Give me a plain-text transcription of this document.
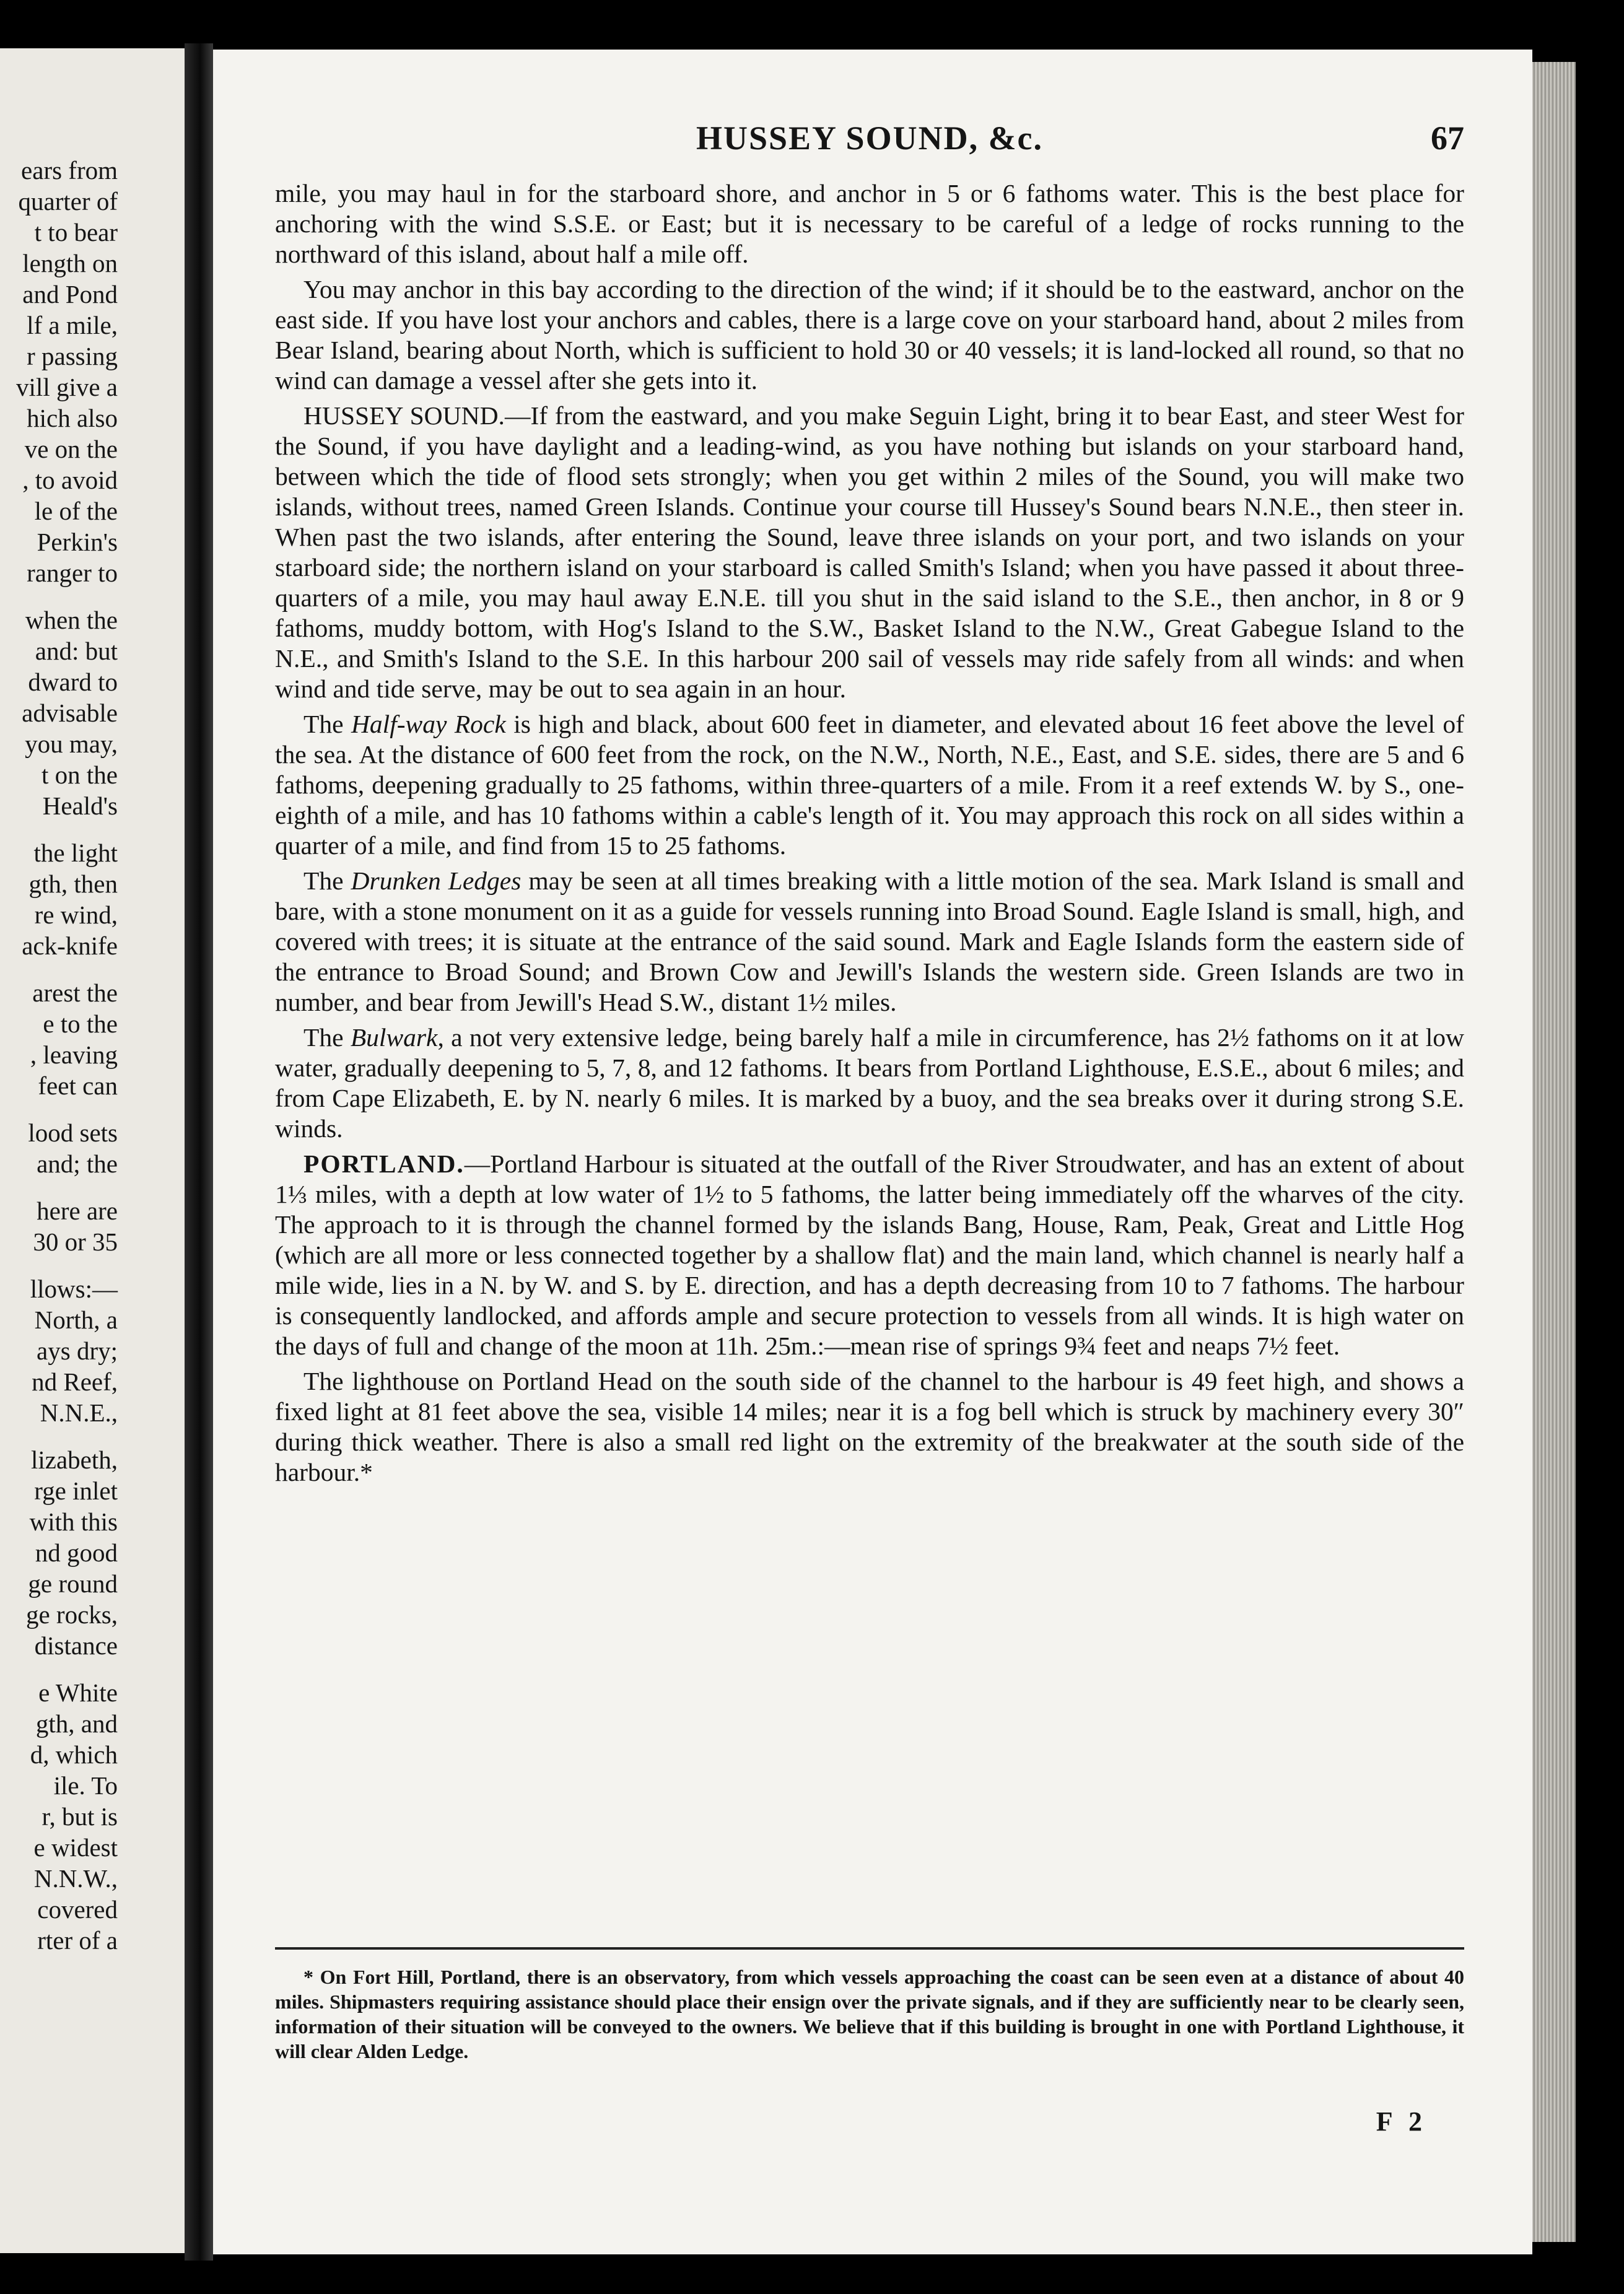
ears from
quarter of
t to bear
length on
and Pond
lf a mile,
r passing
vill give a
hich also
ve on the
, to avoid
le of the
Perkin's
ranger to
when the
and: but
dward to
advisable
you may,
t on the
Heald's
the light
gth, then
re wind,
ack-knife
arest the
e to the
, leaving
feet can
lood sets
and; the
here are
30 or 35
llows:—
North, a
ays dry;
nd Reef,
N.N.E.,
lizabeth,
rge inlet
with this
nd good
ge round
ge rocks,
distance
e White
gth, and
d, which
ile. To
r, but is
e widest
N.N.W.,
covered
rter of a
HUSSEY SOUND, &c.	67

mile, you may haul in for the starboard shore, and anchor in 5 or 6 fathoms water. This is the best place for anchoring with the wind S.S.E. or East; but it is necessary to be careful of a ledge of rocks running to the northward of this island, about half a mile off.

You may anchor in this bay according to the direction of the wind; if it should be to the eastward, anchor on the east side. If you have lost your anchors and cables, there is a large cove on your starboard hand, about 2 miles from Bear Island, bearing about North, which is sufficient to hold 30 or 40 vessels; it is land-locked all round, so that no wind can damage a vessel after she gets into it.

HUSSEY SOUND.—If from the eastward, and you make Seguin Light, bring it to bear East, and steer West for the Sound, if you have daylight and a leading-wind, as you have nothing but islands on your starboard hand, between which the tide of flood sets strongly; when you get within 2 miles of the Sound, you will make two islands, without trees, named Green Islands. Continue your course till Hussey's Sound bears N.N.E., then steer in. When past the two islands, after entering the Sound, leave three islands on your port, and two islands on your starboard side; the northern island on your starboard is called Smith's Island; when you have passed it about three-quarters of a mile, you may haul away E.N.E. till you shut in the said island to the S.E., then anchor, in 8 or 9 fathoms, muddy bottom, with Hog's Island to the S.W., Basket Island to the N.W., Great Gabegue Island to the N.E., and Smith's Island to the S.E. In this harbour 200 sail of vessels may ride safely from all winds: and when wind and tide serve, may be out to sea again in an hour.

The Half-way Rock is high and black, about 600 feet in diameter, and elevated about 16 feet above the level of the sea. At the distance of 600 feet from the rock, on the N.W., North, N.E., East, and S.E. sides, there are 5 and 6 fathoms, deepening gradually to 25 fathoms, within three-quarters of a mile. From it a reef extends W. by S., one-eighth of a mile, and has 10 fathoms within a cable's length of it. You may approach this rock on all sides within a quarter of a mile, and find from 15 to 25 fathoms.

The Drunken Ledges may be seen at all times breaking with a little motion of the sea. Mark Island is small and bare, with a stone monument on it as a guide for vessels running into Broad Sound. Eagle Island is small, high, and covered with trees; it is situate at the entrance of the said sound. Mark and Eagle Islands form the eastern side of the entrance to Broad Sound; and Brown Cow and Jewill's Islands the western side. Green Islands are two in number, and bear from Jewill's Head S.W., distant 1½ miles.

The Bulwark, a not very extensive ledge, being barely half a mile in circumference, has 2½ fathoms on it at low water, gradually deepening to 5, 7, 8, and 12 fathoms. It bears from Portland Lighthouse, E.S.E., about 6 miles; and from Cape Elizabeth, E. by N. nearly 6 miles. It is marked by a buoy, and the sea breaks over it during strong S.E. winds.

PORTLAND.—Portland Harbour is situated at the outfall of the River Stroudwater, and has an extent of about 1⅓ miles, with a depth at low water of 1½ to 5 fathoms, the latter being immediately off the wharves of the city. The approach to it is through the channel formed by the islands Bang, House, Ram, Peak, Great and Little Hog (which are all more or less connected together by a shallow flat) and the main land, which channel is nearly half a mile wide, lies in a N. by W. and S. by E. direction, and has a depth decreasing from 10 to 7 fathoms. The harbour is consequently landlocked, and affords ample and secure protection to vessels from all winds. It is high water on the days of full and change of the moon at 11h. 25m.:—mean rise of springs 9¾ feet and neaps 7½ feet.

The lighthouse on Portland Head on the south side of the channel to the harbour is 49 feet high, and shows a fixed light at 81 feet above the sea, visible 14 miles; near it is a fog bell which is struck by machinery every 30″ during thick weather. There is also a small red light on the extremity of the breakwater at the south side of the harbour.*

* On Fort Hill, Portland, there is an observatory, from which vessels approaching the coast can be seen even at a distance of about 40 miles. Shipmasters requiring assistance should place their ensign over the private signals, and if they are sufficiently near to be clearly seen, information of their situation will be conveyed to the owners. We believe that if this building is brought in one with Portland Lighthouse, it will clear Alden Ledge.

F 2
